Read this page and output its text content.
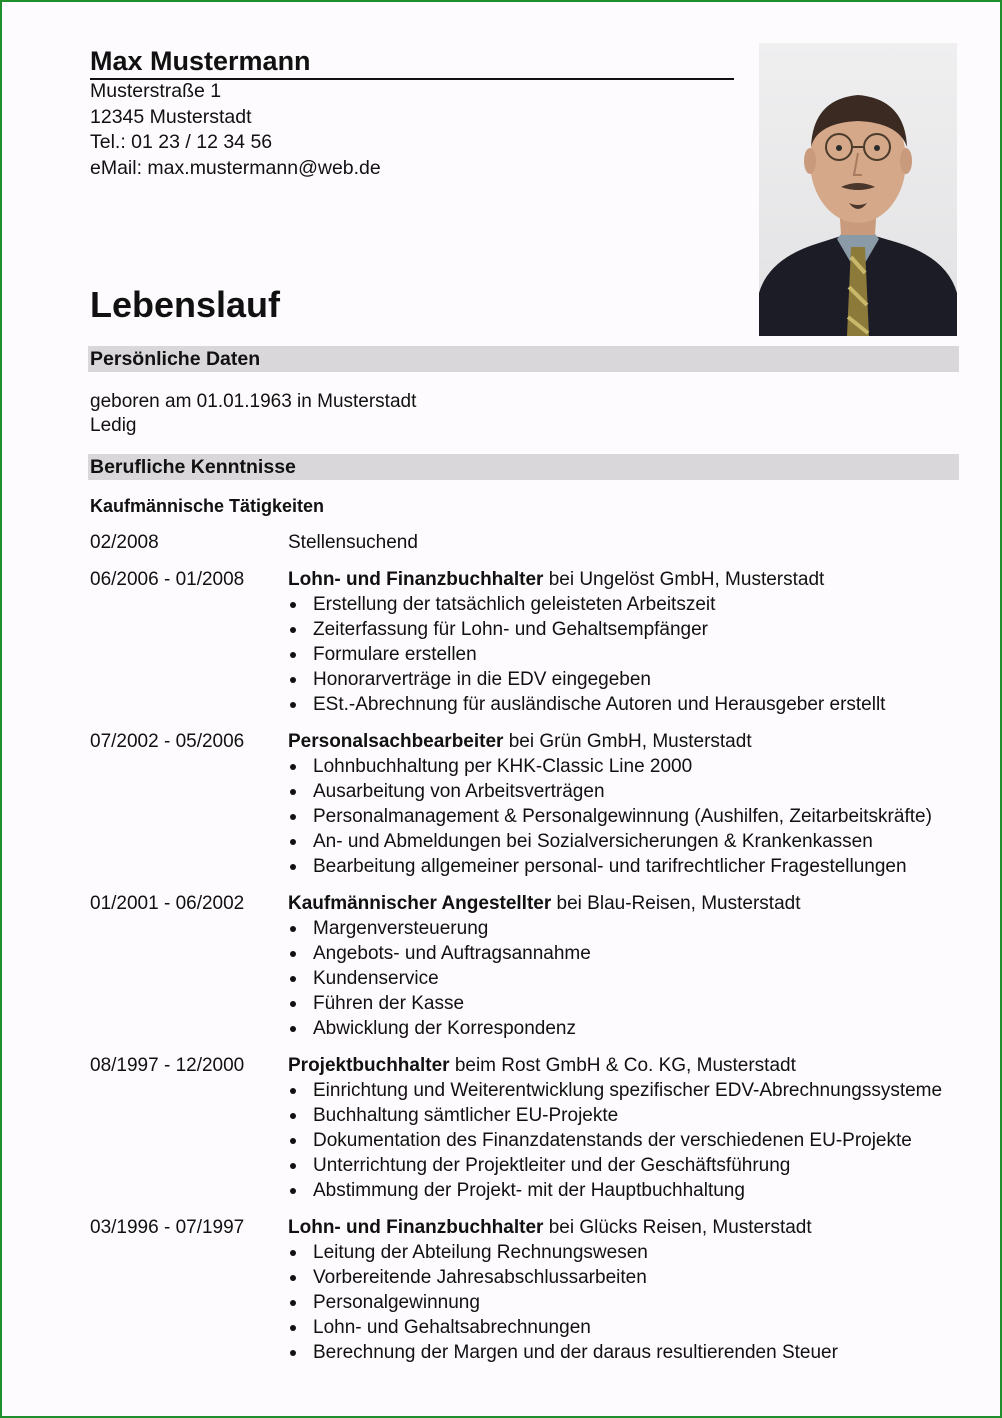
Max Mustermann
Musterstraße 1
12345 Musterstadt
Tel.: 01 23 / 12 34 56
eMail: max.mustermann@web.de
Lebenslauf
Persönliche Daten
geboren am 01.01.1963 in Musterstadt
Ledig
Berufliche Kenntnisse
Kaufmännische Tätigkeiten
02/2008	Stellensuchend
06/2006 - 01/2008	Lohn- und Finanzbuchhalter bei Ungelöst GmbH, Musterstadt
Erstellung der tatsächlich geleisteten Arbeitszeit
Zeiterfassung für Lohn- und Gehaltsempfänger
Formulare erstellen
Honorarverträge in die EDV eingegeben
ESt.-Abrechnung für ausländische Autoren und Herausgeber erstellt
07/2002 - 05/2006	Personalsachbearbeiter bei Grün GmbH, Musterstadt
Lohnbuchhaltung per KHK-Classic Line 2000
Ausarbeitung von Arbeitsverträgen
Personalmanagement & Personalgewinnung (Aushilfen, Zeitarbeitskräfte)
An- und Abmeldungen bei Sozialversicherungen & Krankenkassen
Bearbeitung allgemeiner personal- und tarifrechtlicher Fragestellungen
01/2001 - 06/2002	Kaufmännischer Angestellter bei Blau-Reisen, Musterstadt
Margenversteuerung
Angebots- und Auftragsannahme
Kundenservice
Führen der Kasse
Abwicklung der Korrespondenz
08/1997 - 12/2000	Projektbuchhalter beim Rost GmbH & Co. KG, Musterstadt
Einrichtung und Weiterentwicklung spezifischer EDV-Abrechnungssysteme
Buchhaltung sämtlicher EU-Projekte
Dokumentation des Finanzdatenstands der verschiedenen EU-Projekte
Unterrichtung der Projektleiter und der Geschäftsführung
Abstimmung der Projekt- mit der Hauptbuchhaltung
03/1996 - 07/1997	Lohn- und Finanzbuchhalter bei Glücks Reisen, Musterstadt
Leitung der Abteilung Rechnungswesen
Vorbereitende Jahresabschlussarbeiten
Personalgewinnung
Lohn- und Gehaltsabrechnungen
Berechnung der Margen und der daraus resultierenden Steuer
